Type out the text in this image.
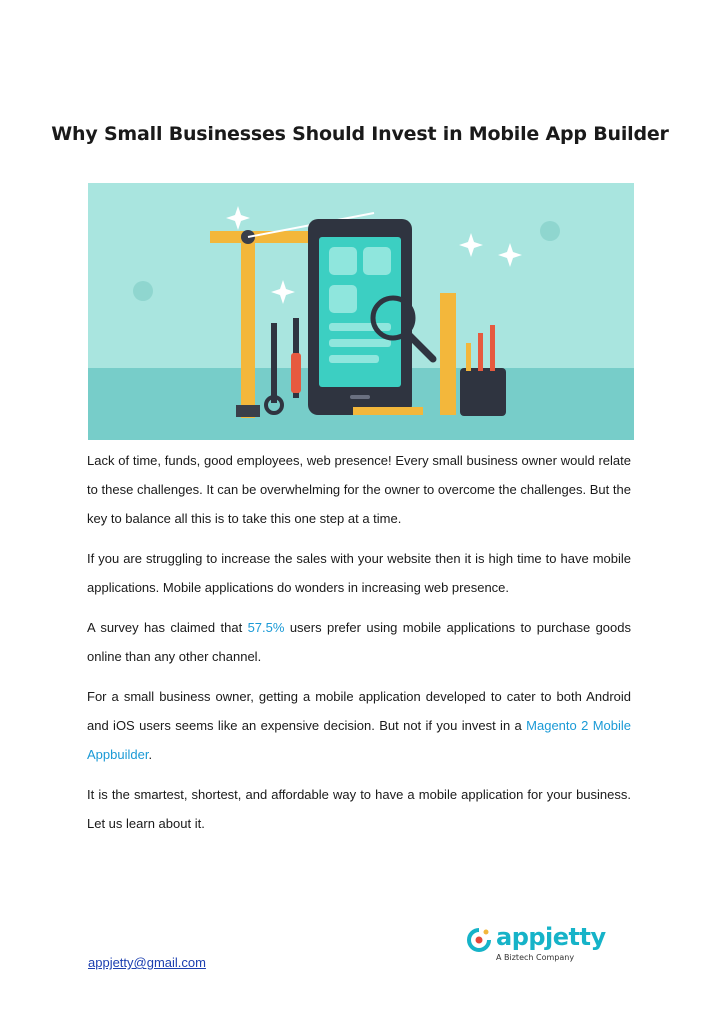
Why Small Businesses Should Invest in Mobile App Builder

Lack of time, funds, good employees, web presence! Every small business owner would relate to these challenges. It can be overwhelming for the owner to overcome the challenges. But the key to balance all this is to take this one step at a time.

If you are struggling to increase the sales with your website then it is high time to have mobile applications. Mobile applications do wonders in increasing web presence.

A survey has claimed that 57.5% users prefer using mobile applications to purchase goods online than any other channel.

For a small business owner, getting a mobile application developed to cater to both Android and iOS users seems like an expensive decision. But not if you invest in a Magento 2 Mobile Appbuilder.

It is the smartest, shortest, and affordable way to have a mobile application for your business. Let us learn about it.

appjetty
A Biztech Company
appjetty@gmail.com
